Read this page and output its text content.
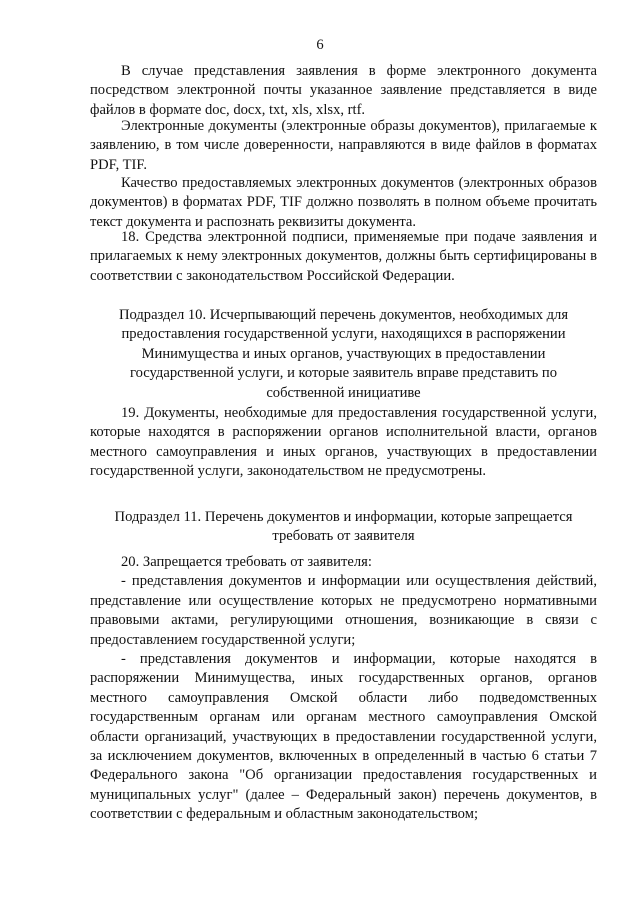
6

В случае представления заявления в форме электронного документа посредством электронной почты указанное заявление представляется в виде файлов в формате doc, docx, txt, xls, xlsx, rtf.

Электронные документы (электронные образы документов), прилагаемые к заявлению, в том числе доверенности, направляются в виде файлов в форматах PDF, TIF.

Качество предоставляемых электронных документов (электронных образов документов) в форматах PDF, TIF должно позволять в полном объеме прочитать текст документа и распознать реквизиты документа.

18. Средства электронной подписи, применяемые при подаче заявления и прилагаемых к нему электронных документов, должны быть сертифицированы в соответствии с законодательством Российской Федерации.

Подраздел 10. Исчерпывающий перечень документов, необходимых для предоставления государственной услуги, находящихся в распоряжении Минимущества и иных органов, участвующих в предоставлении государственной услуги, и которые заявитель вправе представить по собственной инициативе

19. Документы, необходимые для предоставления государственной услуги, которые находятся в распоряжении органов исполнительной власти, органов местного самоуправления и иных органов, участвующих в предоставлении государственной услуги, законодательством не предусмотрены.

Подраздел 11. Перечень документов и информации, которые запрещается требовать от заявителя

20. Запрещается требовать от заявителя:

- представления документов и информации или осуществления действий, представление или осуществление которых не предусмотрено нормативными правовыми актами, регулирующими отношения, возникающие в связи с предоставлением государственной услуги;

- представления документов и информации, которые находятся в распоряжении Минимущества, иных государственных органов, органов местного самоуправления Омской области либо подведомственных государственным органам или органам местного самоуправления Омской области организаций, участвующих в предоставлении государственной услуги, за исключением документов, включенных в определенный в частью 6 статьи 7 Федерального закона "Об организации предоставления государственных и муниципальных услуг" (далее – Федеральный закон) перечень документов, в соответствии с федеральным и областным законодательством;
